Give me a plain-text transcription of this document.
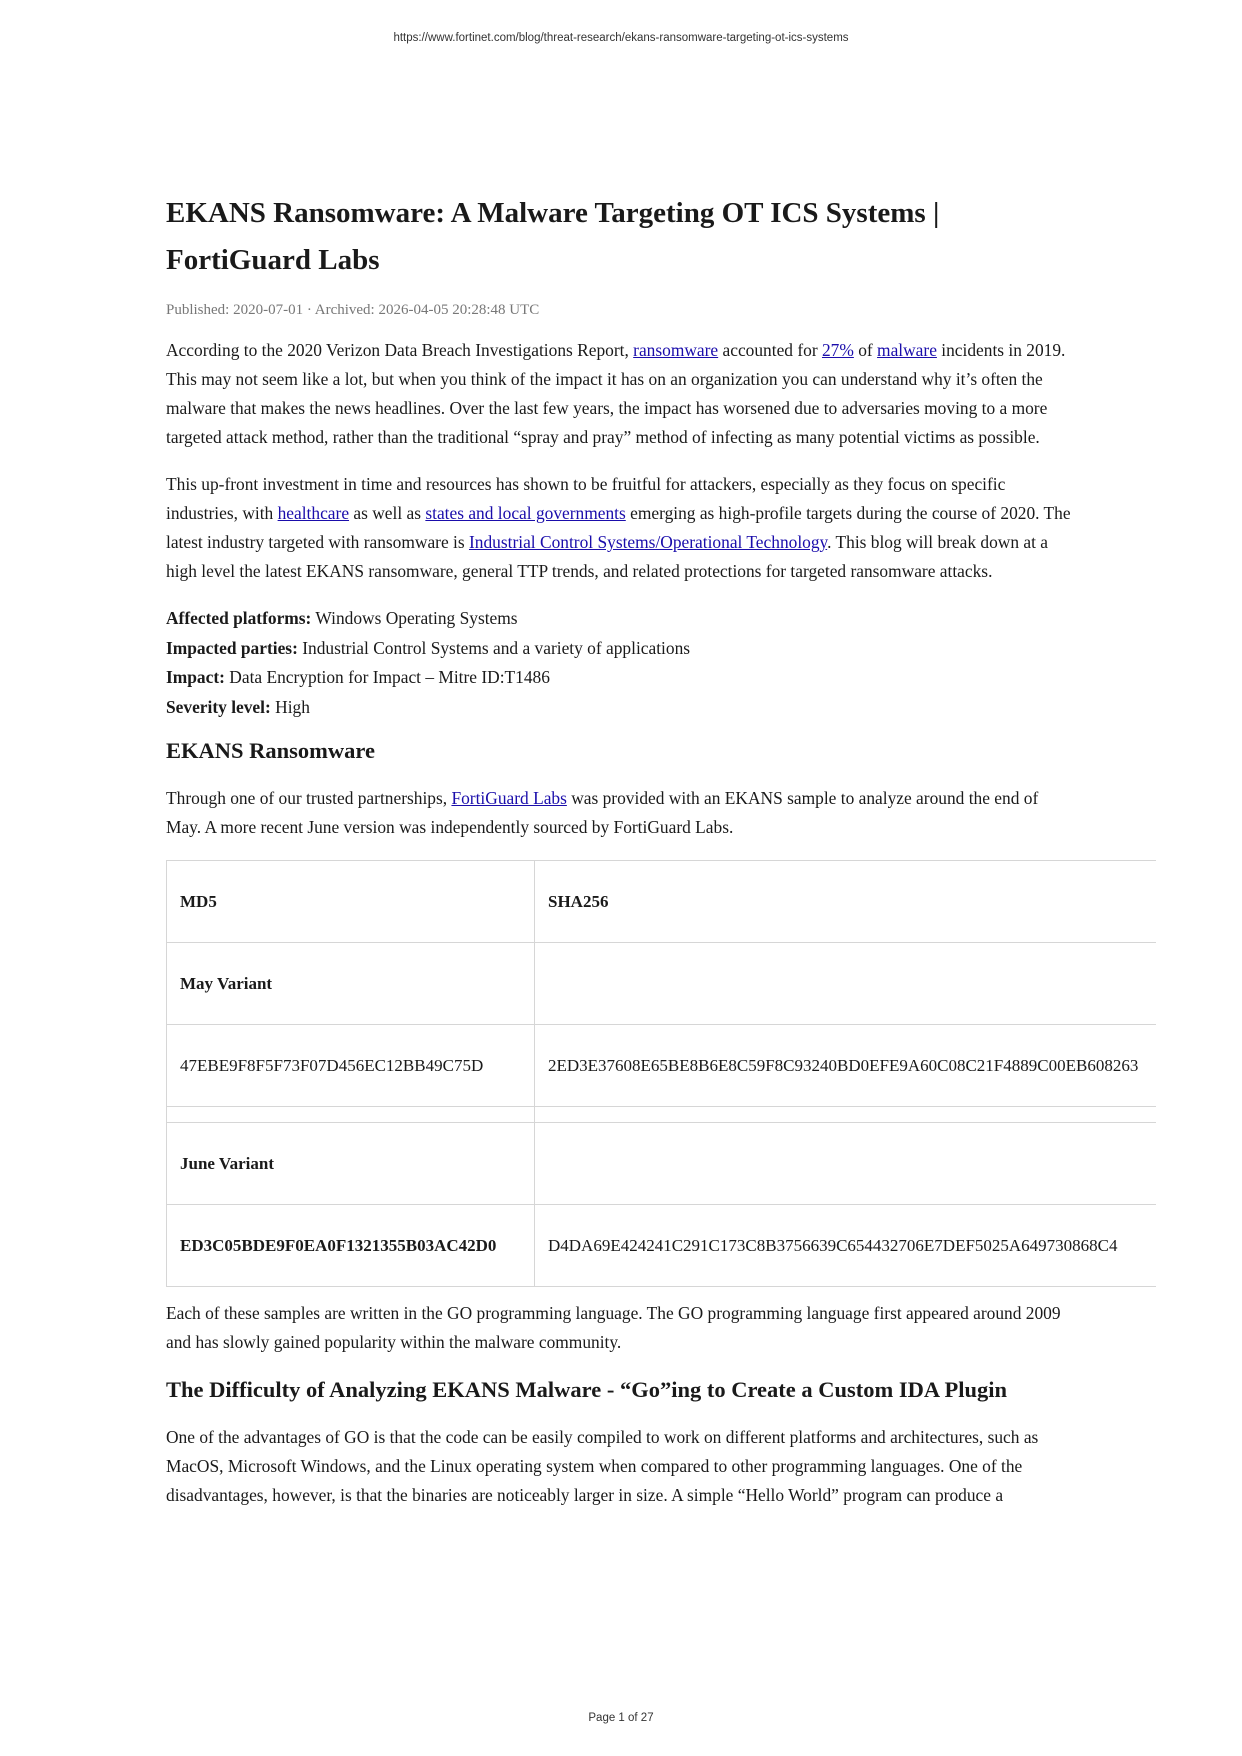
https://www.fortinet.com/blog/threat-research/ekans-ransomware-targeting-ot-ics-systems
EKANS Ransomware: A Malware Targeting OT ICS Systems | FortiGuard Labs
Published: 2020-07-01 · Archived: 2026-04-05 20:28:48 UTC

According to the 2020 Verizon Data Breach Investigations Report, ransomware accounted for 27% of malware incidents in 2019. This may not seem like a lot, but when you think of the impact it has on an organization you can understand why it’s often the malware that makes the news headlines. Over the last few years, the impact has worsened due to adversaries moving to a more targeted attack method, rather than the traditional “spray and pray” method of infecting as many potential victims as possible.

This up-front investment in time and resources has shown to be fruitful for attackers, especially as they focus on specific industries, with healthcare as well as states and local governments emerging as high-profile targets during the course of 2020. The latest industry targeted with ransomware is Industrial Control Systems/Operational Technology. This blog will break down at a high level the latest EKANS ransomware, general TTP trends, and related protections for targeted ransomware attacks.

Affected platforms: Windows Operating Systems
Impacted parties: Industrial Control Systems and a variety of applications
Impact: Data Encryption for Impact – Mitre ID:T1486
Severity level: High
EKANS Ransomware

Through one of our trusted partnerships, FortiGuard Labs was provided with an EKANS sample to analyze around the end of May. A more recent June version was independently sourced by FortiGuard Labs.

MD5	SHA256
May Variant	
47EBE9F8F5F73F07D456EC12BB49C75D	2ED3E37608E65BE8B6E8C59F8C93240BD0EFE9A60C08C21F4889C00EB608263

June Variant	
ED3C05BDE9F0EA0F1321355B03AC42D0	D4DA69E424241C291C173C8B3756639C654432706E7DEF5025A649730868C4

Each of these samples are written in the GO programming language. The GO programming language first appeared around 2009 and has slowly gained popularity within the malware community.

The Difficulty of Analyzing EKANS Malware - “Go”ing to Create a Custom IDA Plugin

One of the advantages of GO is that the code can be easily compiled to work on different platforms and architectures, such as MacOS, Microsoft Windows, and the Linux operating system when compared to other programming languages. One of the disadvantages, however, is that the binaries are noticeably larger in size. A simple “Hello World” program can produce a

Page 1 of 27
